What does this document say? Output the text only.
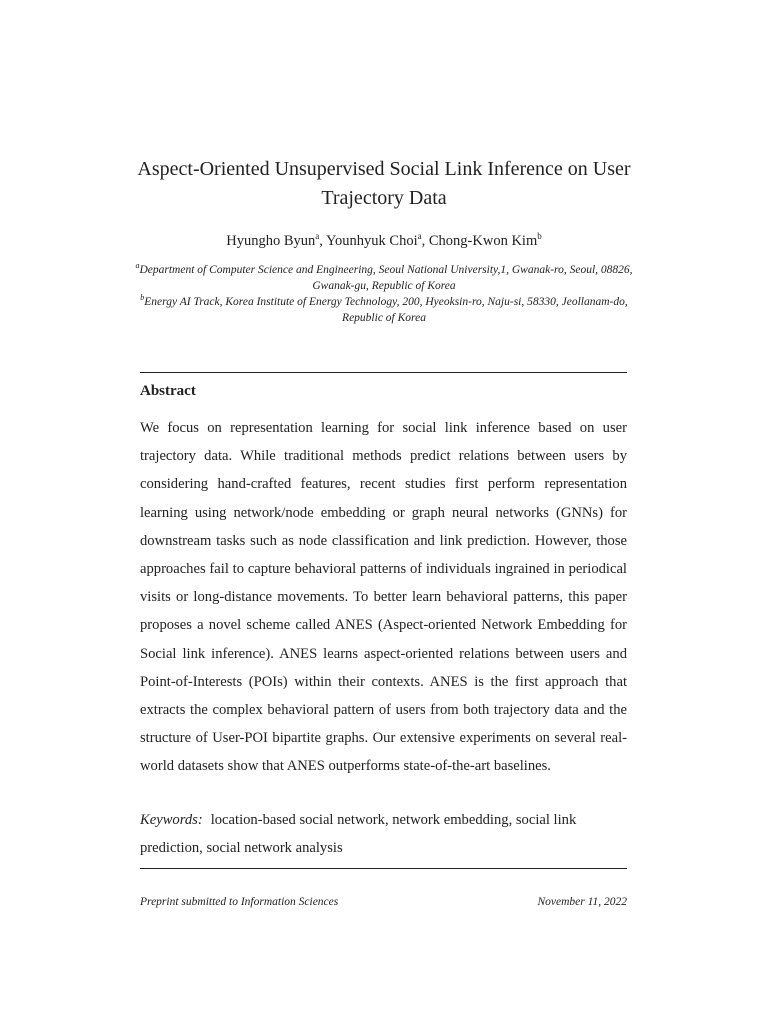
Aspect-Oriented Unsupervised Social Link Inference on User Trajectory Data
Hyungho Byun$^a$, Younhyuk Choi$^a$, Chong-Kwon Kim$^b$
$^a$Department of Computer Science and Engineering, Seoul National University,1, Gwanak-ro, Seoul, 08826, Gwanak-gu, Republic of Korea
$^b$Energy AI Track, Korea Institute of Energy Technology, 200, Hyeoksin-ro, Naju-si, 58330, Jeollanam-do, Republic of Korea
Abstract

We focus on representation learning for social link inference based on user trajectory data. While traditional methods predict relations between users by considering hand-crafted features, recent studies first perform representation learning using network/node embedding or graph neural networks (GNNs) for downstream tasks such as node classification and link prediction. However, those approaches fail to capture behavioral patterns of individuals ingrained in periodical visits or long-distance movements. To better learn behavioral patterns, this paper proposes a novel scheme called ANES (Aspect-oriented Network Embedding for Social link inference). ANES learns aspect-oriented relations between users and Point-of-Interests (POIs) within their contexts. ANES is the first approach that extracts the complex behavioral pattern of users from both trajectory data and the structure of User-POI bipartite graphs. Our extensive experiments on several real-world datasets show that ANES outperforms state-of-the-art baselines.

Keywords: location-based social network, network embedding, social link prediction, social network analysis

Preprint submitted to Information Sciences	November 11, 2022
